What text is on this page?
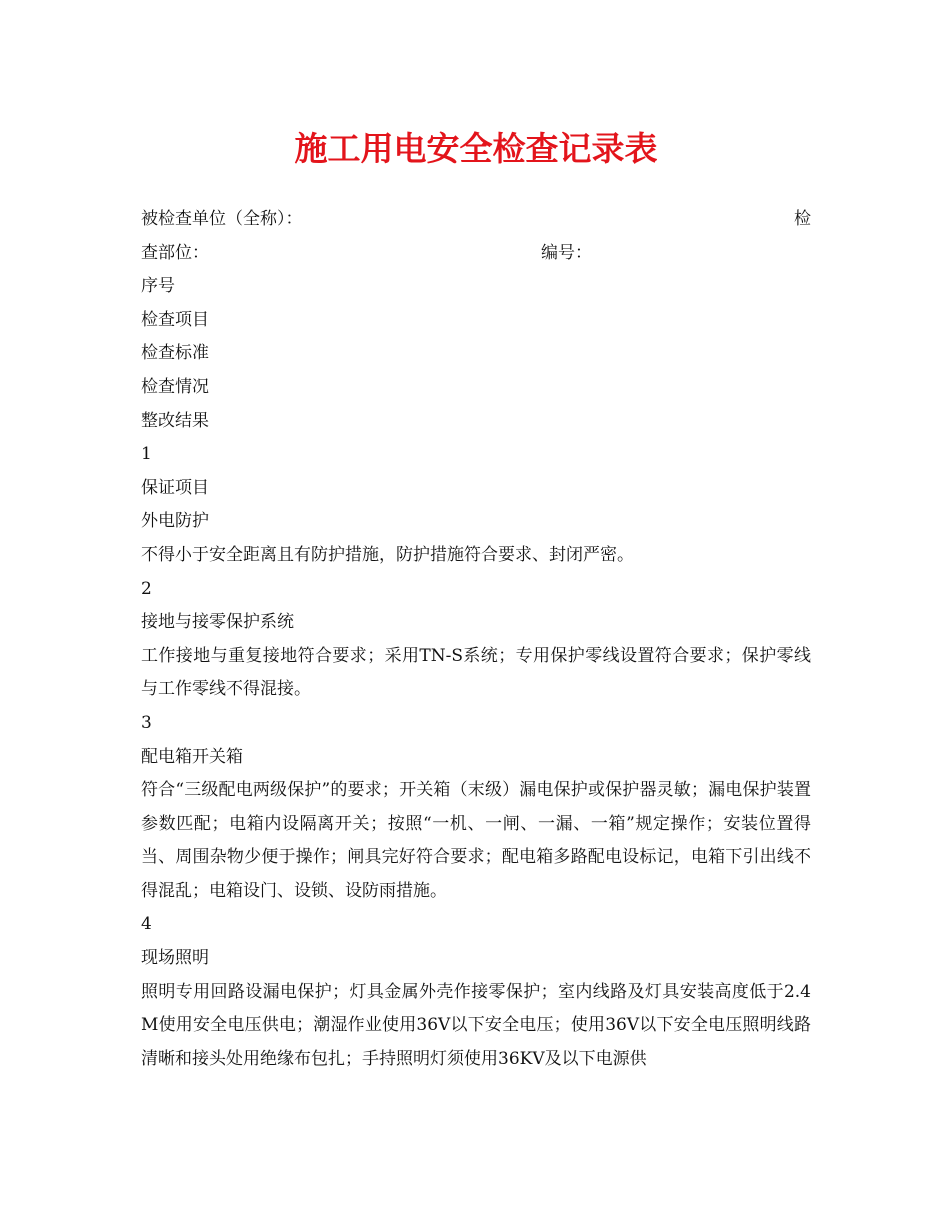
施工用电安全检查记录表
被检查单位（全称）：	检
查部位：	编号：
序号
检查项目
检查标准
检查情况
整改结果
1
保证项目
外电防护
不得小于安全距离且有防护措施，防护措施符合要求、封闭严密。
2
接地与接零保护系统
工作接地与重复接地符合要求；采用TN-S系统；专用保护零线设置符合要求；保护零线与工作零线不得混接。
3
配电箱开关箱
符合“三级配电两级保护”的要求；开关箱（末级）漏电保护或保护器灵敏；漏电保护装置参数匹配；电箱内设隔离开关；按照“一机、一闸、一漏、一箱”规定操作；安装位置得当、周围杂物少便于操作；闸具完好符合要求；配电箱多路配电设标记，电箱下引出线不得混乱；电箱设门、设锁、设防雨措施。
4
现场照明
照明专用回路设漏电保护；灯具金属外壳作接零保护；室内线路及灯具安装高度低于2.4M使用安全电压供电；潮湿作业使用36V以下安全电压；使用36V以下安全电压照明线路清晰和接头处用绝缘布包扎；手持照明灯须使用36KV及以下电源供
